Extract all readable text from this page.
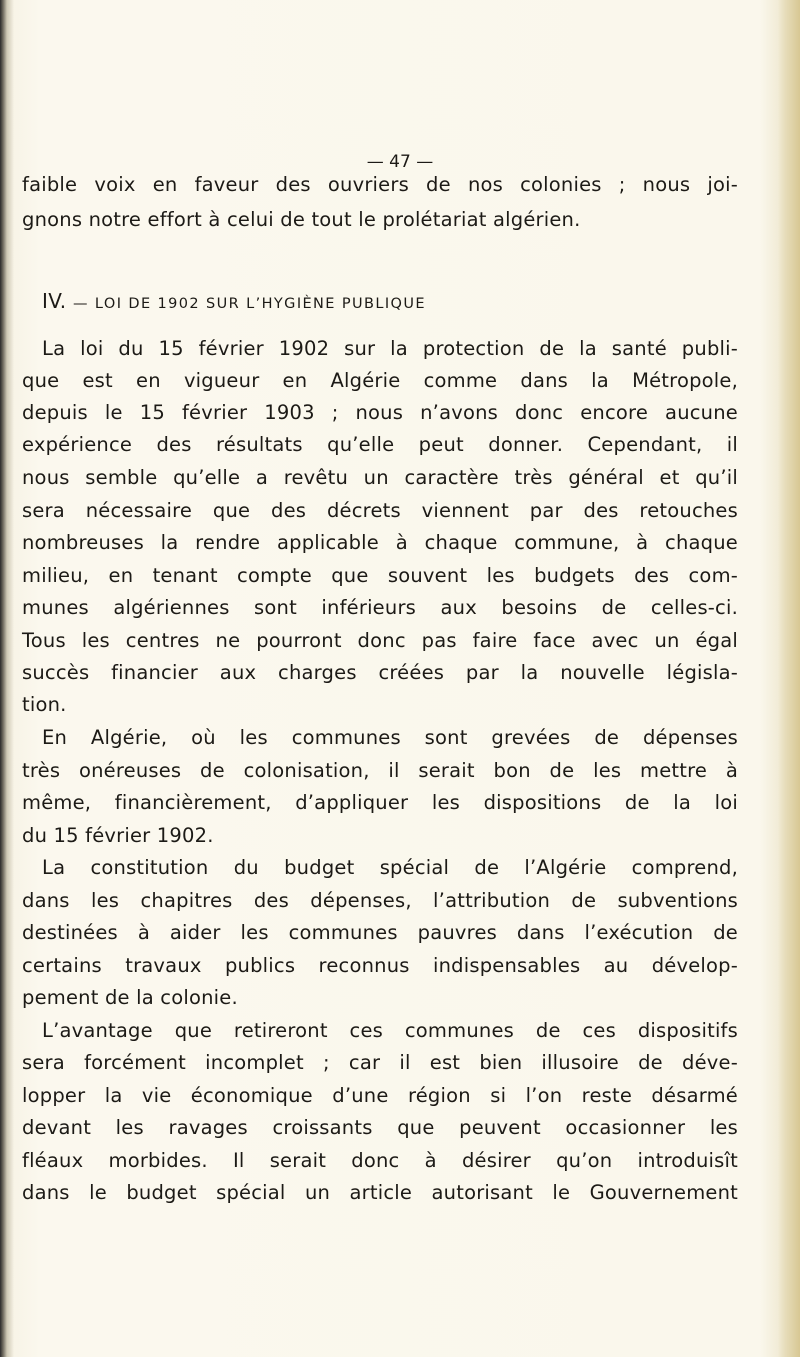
— 47 —
faible voix en faveur des ouvriers de nos colonies ; nous joi-
gnons notre effort à celui de tout le prolétariat algérien.
IV. — LOI DE 1902 SUR L’HYGIÈNE PUBLIQUE
La loi du 15 février 1902 sur la protection de la santé publi-
que est en vigueur en Algérie comme dans la Métropole,
depuis le 15 février 1903 ; nous n’avons donc encore aucune
expérience des résultats qu’elle peut donner. Cependant, il
nous semble qu’elle a revêtu un caractère très général et qu’il
sera nécessaire que des décrets viennent par des retouches
nombreuses la rendre applicable à chaque commune, à chaque
milieu, en tenant compte que souvent les budgets des com-
munes algériennes sont inférieurs aux besoins de celles-ci.
Tous les centres ne pourront donc pas faire face avec un égal
succès financier aux charges créées par la nouvelle législa-
tion.
En Algérie, où les communes sont grevées de dépenses
très onéreuses de colonisation, il serait bon de les mettre à
même, financièrement, d’appliquer les dispositions de la loi
du 15 février 1902.
La constitution du budget spécial de l’Algérie comprend,
dans les chapitres des dépenses, l’attribution de subventions
destinées à aider les communes pauvres dans l’exécution de
certains travaux publics reconnus indispensables au dévelop-
pement de la colonie.
L’avantage que retireront ces communes de ces dispositifs
sera forcément incomplet ; car il est bien illusoire de déve-
lopper la vie économique d’une région si l’on reste désarmé
devant les ravages croissants que peuvent occasionner les
fléaux morbides. Il serait donc à désirer qu’on introduisît
dans le budget spécial un article autorisant le Gouvernement
